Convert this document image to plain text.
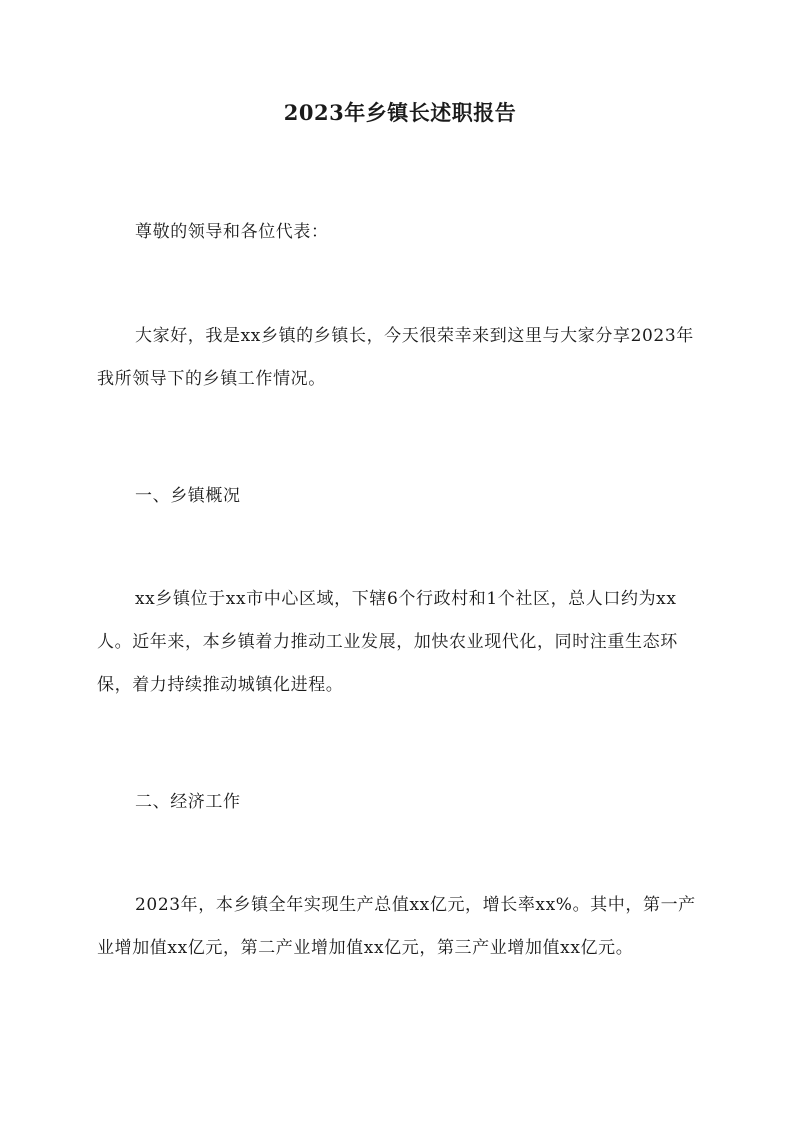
2023年乡镇长述职报告

尊敬的领导和各位代表：

大家好，我是xx乡镇的乡镇长，今天很荣幸来到这里与大家分享2023年我所领导下的乡镇工作情况。

一、乡镇概况

xx乡镇位于xx市中心区域，下辖6个行政村和1个社区，总人口约为xx人。近年来，本乡镇着力推动工业发展，加快农业现代化，同时注重生态环保，着力持续推动城镇化进程。

二、经济工作

2023年，本乡镇全年实现生产总值xx亿元，增长率xx%。其中，第一产业增加值xx亿元，第二产业增加值xx亿元，第三产业增加值xx亿元。
